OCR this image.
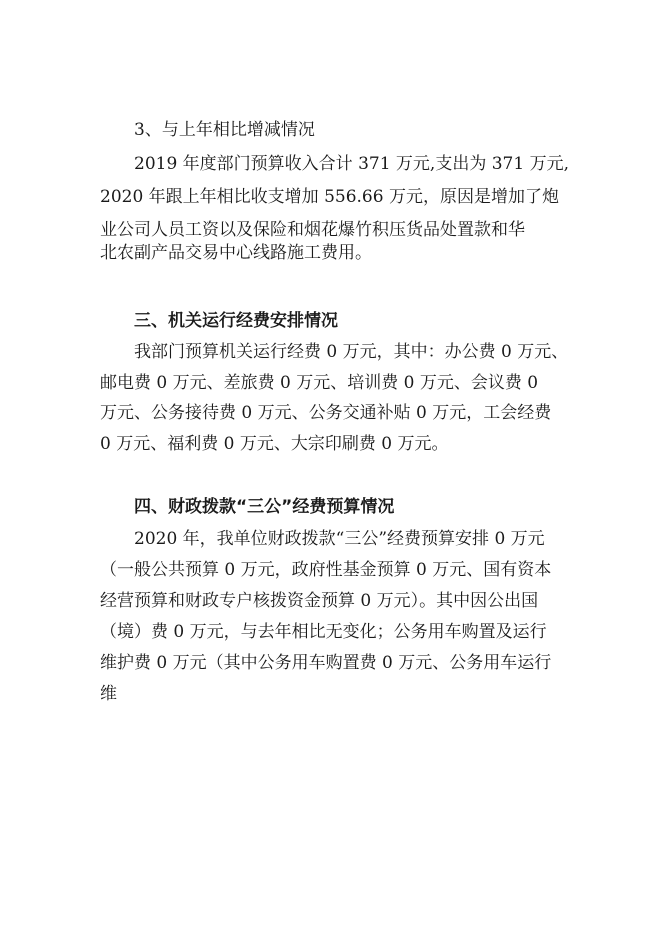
3、与上年相比增减情况
2019 年度部门预算收入合计 371 万元,支出为 371 万元,
2020 年跟上年相比收支增加 556.66 万元，原因是增加了炮
业公司人员工资以及保险和烟花爆竹积压货品处置款和华
北农副产品交易中心线路施工费用。
三、机关运行经费安排情况
我部门预算机关运行经费 0 万元，其中：办公费 0 万元、
邮电费 0 万元、差旅费 0 万元、培训费 0 万元、会议费 0
万元、公务接待费 0 万元、公务交通补贴 0 万元，工会经费
0 万元、福利费 0 万元、大宗印刷费 0 万元。
四、财政拨款“三公”经费预算情况
2020 年，我单位财政拨款“三公”经费预算安排 0 万元
（一般公共预算 0 万元，政府性基金预算 0 万元、国有资本
经营预算和财政专户核拨资金预算 0 万元）。其中因公出国
（境）费 0 万元，与去年相比无变化；公务用车购置及运行
维护费 0 万元（其中公务用车购置费 0 万元、公务用车运行
维
